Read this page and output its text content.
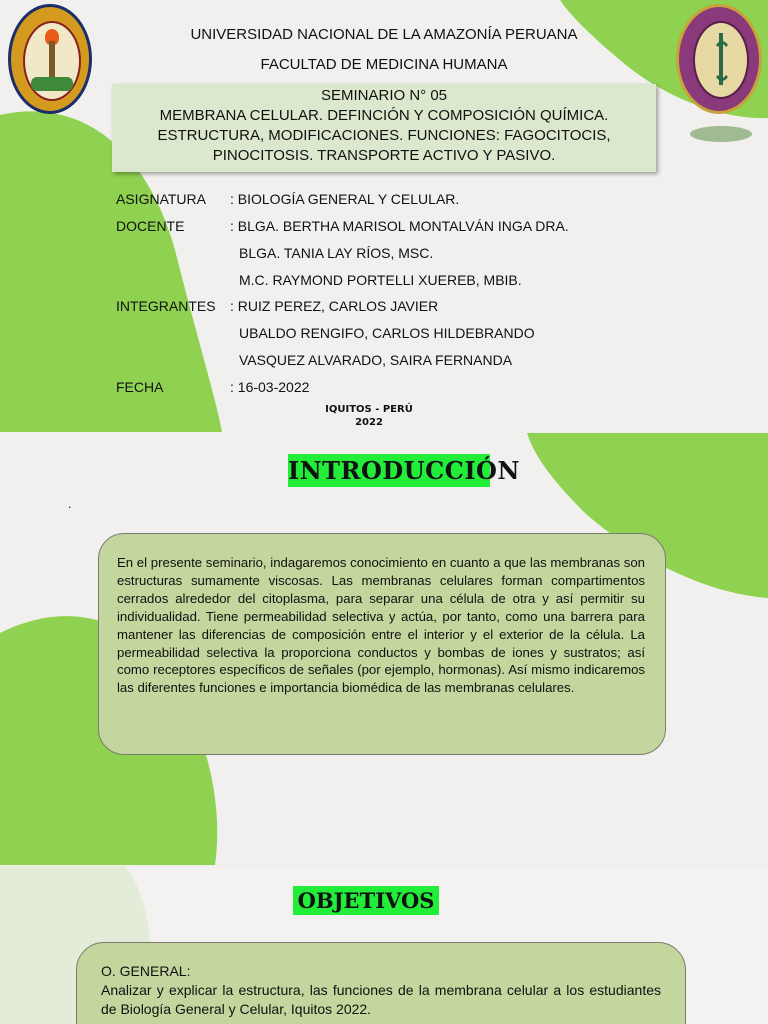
UNIVERSIDAD NACIONAL DE LA AMAZONÍA PERUANA
FACULTAD DE MEDICINA HUMANA
SEMINARIO N° 05
MEMBRANA CELULAR. DEFINCIÓN Y COMPOSICIÓN QUÍMICA.
ESTRUCTURA, MODIFICACIONES. FUNCIONES: FAGOCITOCIS,
PINOCITOSIS. TRANSPORTE ACTIVO Y PASIVO.
ASIGNATURA : BIOLOGÍA GENERAL Y CELULAR.
DOCENTE	: BLGA. BERTHA MARISOL MONTALVÁN INGA DRA.
BLGA. TANIA LAY RÍOS, MSC.
M.C. RAYMOND PORTELLI XUEREB, MBIB.
INTEGRANTES : RUIZ PEREZ, CARLOS JAVIER
UBALDO RENGIFO, CARLOS HILDEBRANDO
VASQUEZ ALVARADO, SAIRA FERNANDA
FECHA	: 16-03-2022
IQUITOS - PERÚ
2022
INTRODUCCIÓN
.
En el presente seminario, indagaremos conocimiento en cuanto a que las membranas son estructuras sumamente viscosas. Las membranas celulares forman compartimentos cerrados alrededor del citoplasma, para separar una célula de otra y así permitir su individualidad. Tiene permeabilidad selectiva y actúa, por tanto, como una barrera para mantener las diferencias de composición entre el interior y el exterior de la célula. La permeabilidad selectiva la proporciona conductos y bombas de iones y sustratos; así como receptores específicos de señales (por ejemplo, hormonas). Así mismo indicaremos las diferentes funciones e importancia biomédica de las membranas celulares.
OBJETIVOS
O. GENERAL:
Analizar y explicar la estructura, las funciones de la membrana celular a los estudiantes de Biología General y Celular, Iquitos 2022.
